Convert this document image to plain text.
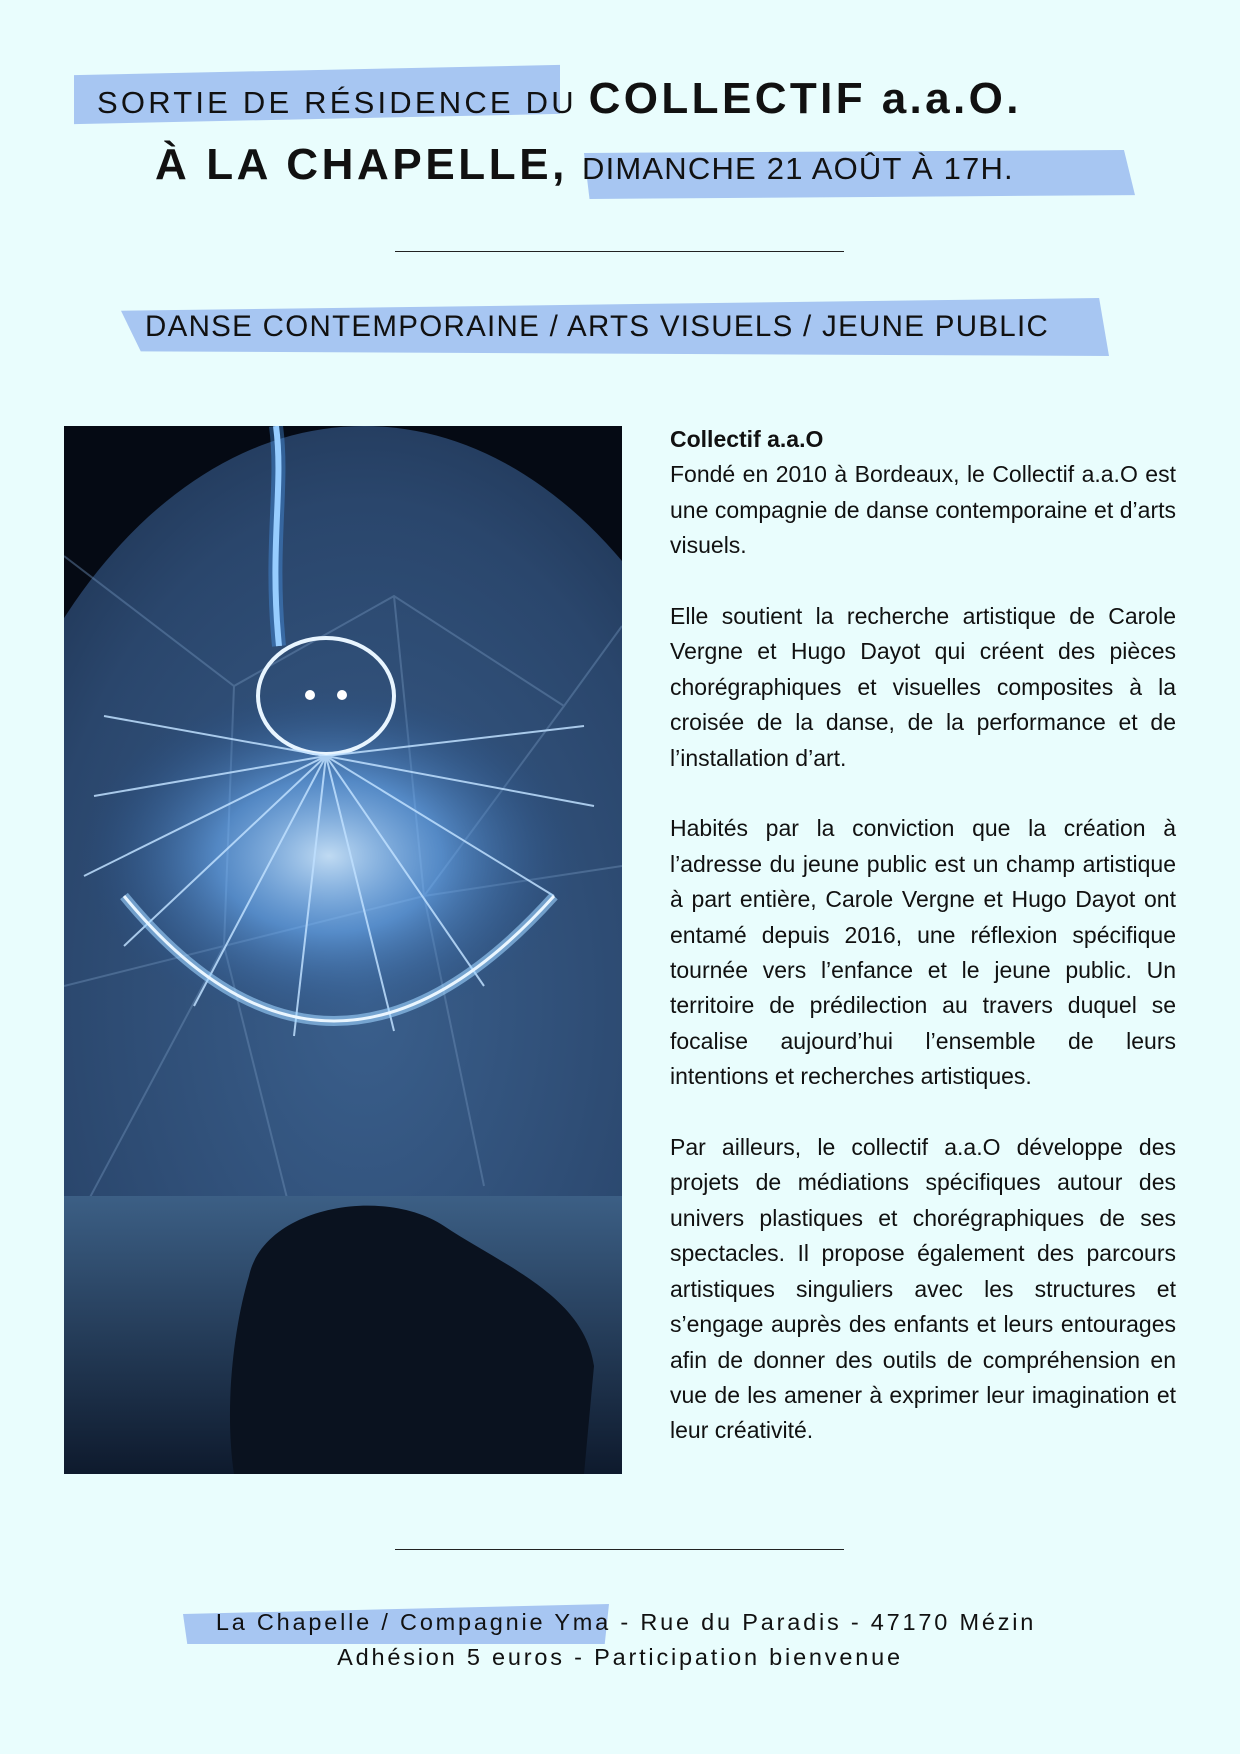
SORTIE DE RÉSIDENCE DU COLLECTIF a.a.O.
À LA CHAPELLE, DIMANCHE 21 AOÛT À 17H.
DANSE CONTEMPORAINE / ARTS VISUELS / JEUNE PUBLIC
Collectif a.a.O

Fondé en 2010 à Bordeaux, le Collectif a.a.O est une compagnie de danse contemporaine et d’arts visuels.

Elle soutient la recherche artistique de Carole Vergne et Hugo Dayot qui créent des pièces chorégraphiques et visuelles composites à la croisée de la danse, de la performance et de l’installation d’art.

Habités par la conviction que la création à l’adresse du jeune public est un champ artistique à part entière, Carole Vergne et Hugo Dayot ont entamé depuis 2016, une réflexion spécifique tournée vers l’enfance et le jeune public. Un territoire de prédilection au travers duquel se focalise aujourd’hui l’ensemble de leurs intentions et recherches artistiques.

Par ailleurs, le collectif a.a.O développe des projets de médiations spécifiques autour des univers plastiques et chorégraphiques de ses spectacles. Il propose également des parcours artistiques singuliers avec les structures et s’engage auprès des enfants et leurs entourages afin de donner des outils de compréhension en vue de les amener à exprimer leur imagination et leur créativité.

La Chapelle / Compagnie Yma - Rue du Paradis - 47170 Mézin
Adhésion 5 euros - Participation bienvenue
